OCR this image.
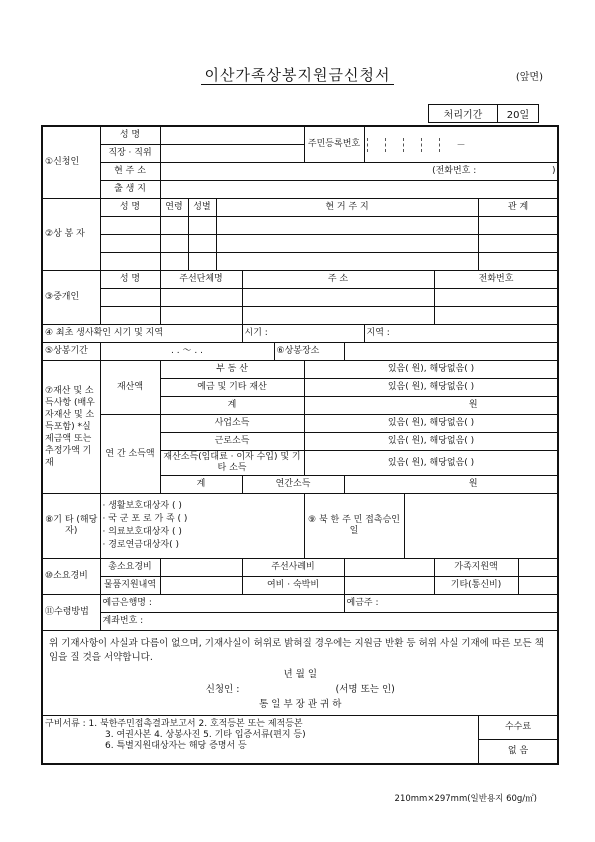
이산가족상봉지원금신청서	(앞면)
처리기간	20일
①신청인	성 명						주민등록번호		－				
	직장 · 직위												
	현 주 소	(전화번호 : )											
	출 생 지												
②상 봉 자	성 명	연령	성별	현 거 주 지								관 계	

③중개인	성 명	주선단체명			주 소						전화번호		

④ 최초 생사확인 시기 및 지역					시기 :				지역 :				
⑤상봉기간	. . ～ . .					⑥상봉장소							
⑦재산 및 소득사항 (배우자재산 및 소득포함) *실제금액 또는 추정가액 기재	재산액	부 동 산					있음( 원), 해당없음( )						
		예금 및 기타 재산					있음( 원), 해당없음( )						
		계					원						
	연 간 소득액	사업소득					있음( 원), 해당없음( )						
		근로소득					있음( 원), 해당없음( )						
		재산소득(임대료 · 이자 수입) 및 기타 소득					있음( 원), 해당없음( )						
		계			연간소득			원					
⑧기 타 (해당자)	· 생활보호대상자 ( )
· 국 군 포 로 가 족 ( )
· 의료보호대상자 ( )
· 경로연금대상자( )						⑨ 북 한 주 민 접촉승인일						
⑩소요경비	총소요경비				주선사례비						가족지원액		
	물품지원내역				여비 · 숙박비						기타(통신비)		
⑪수령방법	예금은행명 :							예금주 :					
	계좌번호 :												

위 기재사항이 사실과 다름이 없으며, 기재사실이 허위로 밝혀질 경우에는 지원금 반환 등 허위 사실 기재에 따른 모든 책임을 질 것을 서약합니다.
년 월 일
신청인 : (서명 또는 인)
통 일 부 장 관 귀 하													

구비서류 : 1. 북한주민접촉결과보고서 2. 호적등본 또는 제적등본
3. 여권사본 4. 상봉사진 5. 기타 입증서류(편지 등)
6. 특별지원대상자는 해당 증명서 등												수수료	
												없 음	
210mm×297mm(일반용지 60g/㎡)
